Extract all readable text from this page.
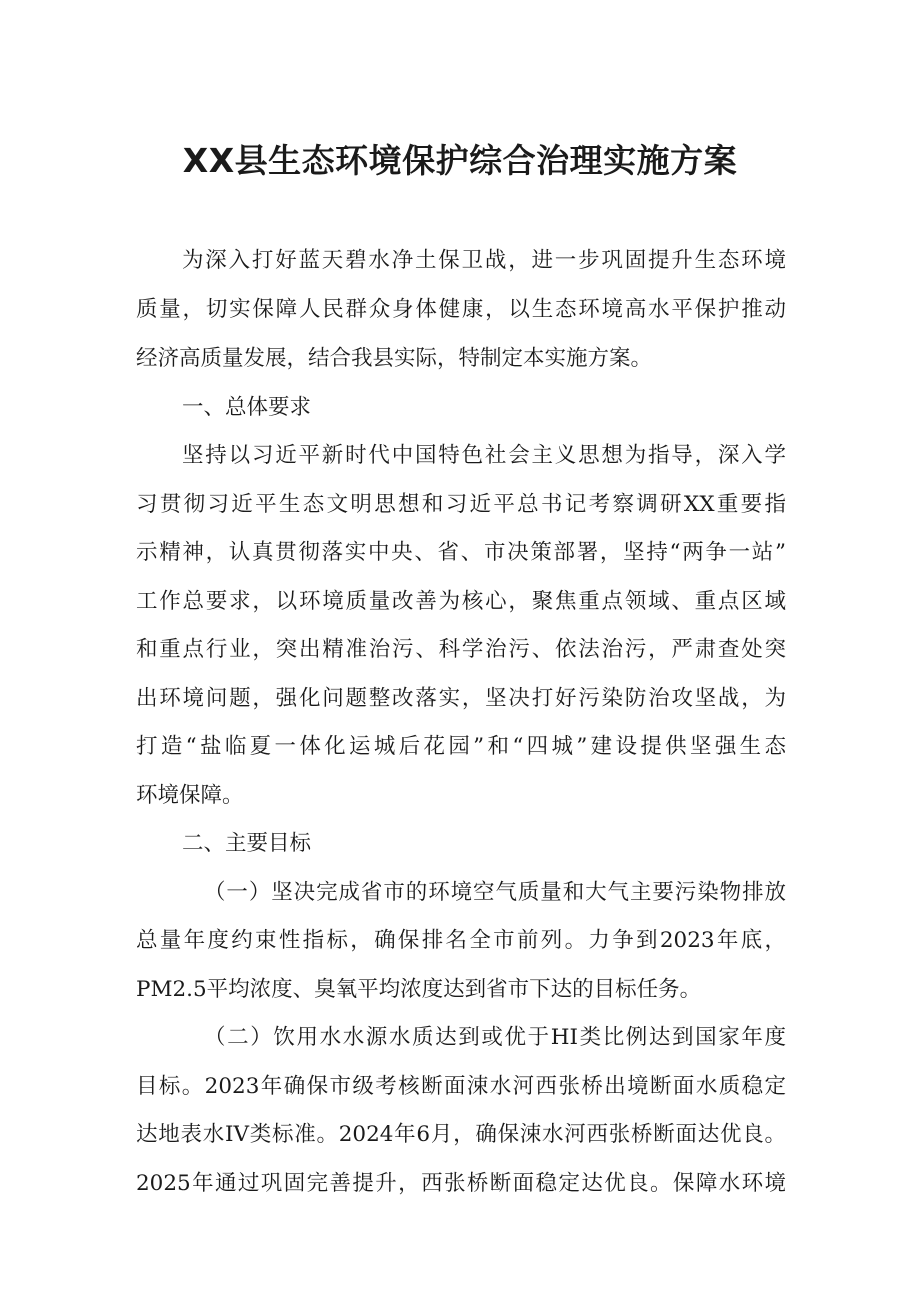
XX县生态环境保护综合治理实施方案
为深入打好蓝天碧水净土保卫战，进一步巩固提升生态环境
质量，切实保障人民群众身体健康，以生态环境高水平保护推动
经济高质量发展，结合我县实际，特制定本实施方案。
一、总体要求
坚持以习近平新时代中国特色社会主义思想为指导，深入学
习贯彻习近平生态文明思想和习近平总书记考察调研XX重要指
示精神，认真贯彻落实中央、省、市决策部署，坚持“两争一站”
工作总要求，以环境质量改善为核心，聚焦重点领域、重点区域
和重点行业，突出精准治污、科学治污、依法治污，严肃查处突
出环境问题，强化问题整改落实，坚决打好污染防治攻坚战，为
打造“盐临夏一体化运城后花园”和“四城”建设提供坚强生态
环境保障。
二、主要目标
（一）坚决完成省市的环境空气质量和大气主要污染物排放
总量年度约束性指标，确保排名全市前列。力争到2023年底，
PM2.5平均浓度、臭氧平均浓度达到省市下达的目标任务。
（二）饮用水水源水质达到或优于HI类比例达到国家年度
目标。2023年确保市级考核断面涑水河西张桥出境断面水质稳定
达地表水IV类标准。2024年6月，确保涑水河西张桥断面达优良。
2025年通过巩固完善提升，西张桥断面稳定达优良。保障水环境
